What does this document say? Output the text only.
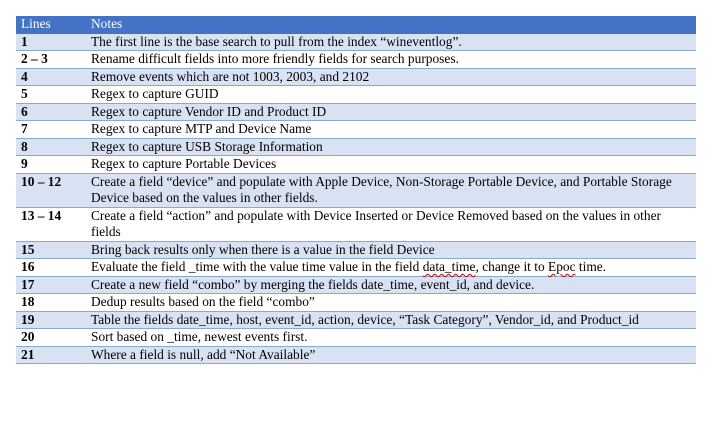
Lines	Notes
1	The first line is the base search to pull from the index “wineventlog”.
2 – 3	Rename difficult fields into more friendly fields for search purposes.
4	Remove events which are not 1003, 2003, and 2102
5	Regex to capture GUID
6	Regex to capture Vendor ID and Product ID
7	Regex to capture MTP and Device Name
8	Regex to capture USB Storage Information
9	Regex to capture Portable Devices
10 – 12	Create a field “device” and populate with Apple Device, Non-Storage Portable Device, and Portable Storage Device based on the values in other fields.
13 – 14	Create a field “action” and populate with Device Inserted or Device Removed based on the values in other fields
15	Bring back results only when there is a value in the field Device
16	Evaluate the field _time with the value time value in the field data_time, change it to Epoc time.
17	Create a new field “combo” by merging the fields date_time, event_id, and device.
18	Dedup results based on the field “combo”
19	Table the fields date_time, host, event_id, action, device, “Task Category”, Vendor_id, and Product_id
20	Sort based on _time, newest events first.
21	Where a field is null, add “Not Available”
